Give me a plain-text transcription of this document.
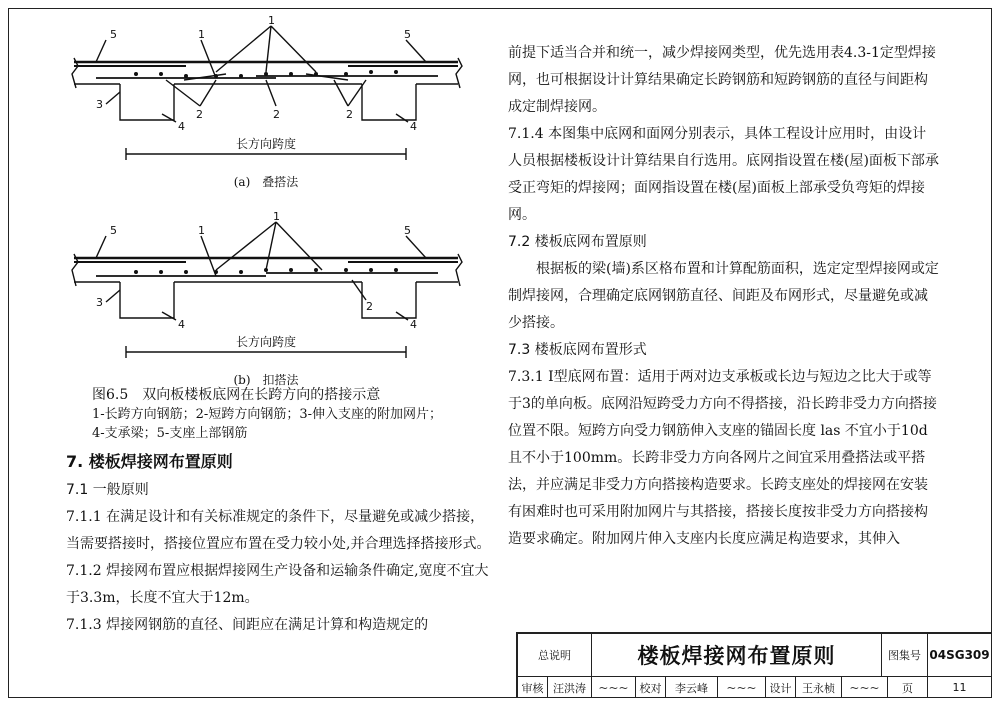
1
5	1	5
3
2	2	2
4	4
长方向跨度
(a)　叠搭法
5	1	5
1
3
4	4
2
长方向跨度
(b)　扣搭法

图6.5　双向板楼板底网在长跨方向的搭接示意

1-长跨方向钢筋；2-短跨方向钢筋；3-伸入支座的附加网片；

4-支承梁；5-支座上部钢筋

7. 楼板焊接网布置原则

7.1 一般原则

7.1.1 在满足设计和有关标准规定的条件下，尽量避免或减少搭接，当需要搭接时，搭接位置应布置在受力较小处,并合理选择搭接形式。

7.1.2 焊接网布置应根据焊接网生产设备和运输条件确定,宽度不宜大于3.3m，长度不宜大于12m。

7.1.3 焊接网钢筋的直径、间距应在满足计算和构造规定的

前提下适当合并和统一，减少焊接网类型，优先选用表4.3-1定型焊接网，也可根据设计计算结果确定长跨钢筋和短跨钢筋的直径与间距构成定制焊接网。

7.1.4 本图集中底网和面网分别表示，具体工程设计应用时，由设计人员根据楼板设计计算结果自行选用。底网指设置在楼(屋)面板下部承受正弯矩的焊接网；面网指设置在楼(屋)面板上部承受负弯矩的焊接网。

7.2 楼板底网布置原则

根据板的梁(墙)系区格布置和计算配筋面积，选定定型焊接网或定制焊接网，合理确定底网钢筋直径、间距及布网形式，尽量避免或减少搭接。

7.3 楼板底网布置形式

7.3.1 Ⅰ型底网布置：适用于两对边支承板或长边与短边之比大于或等于3的单向板。底网沿短跨受力方向不得搭接，沿长跨非受力方向搭接位置不限。短跨方向受力钢筋伸入支座的锚固长度 las 不宜小于10d且不小于100mm。长跨非受力方向各网片之间宜采用叠搭法或平搭法，并应满足非受力方向搭接构造要求。长跨支座处的焊接网在安装有困难时也可采用附加网片与其搭接，搭接长度按非受力方向搭接构造要求确定。附加网片伸入支座内长度应满足构造要求，其伸入

总说明	楼板焊接网布置原则	图集号 04SG309
审核 汪洪涛	~~~ 校对	李云峰	~~~	设计 王永桢	~~~	页	11
